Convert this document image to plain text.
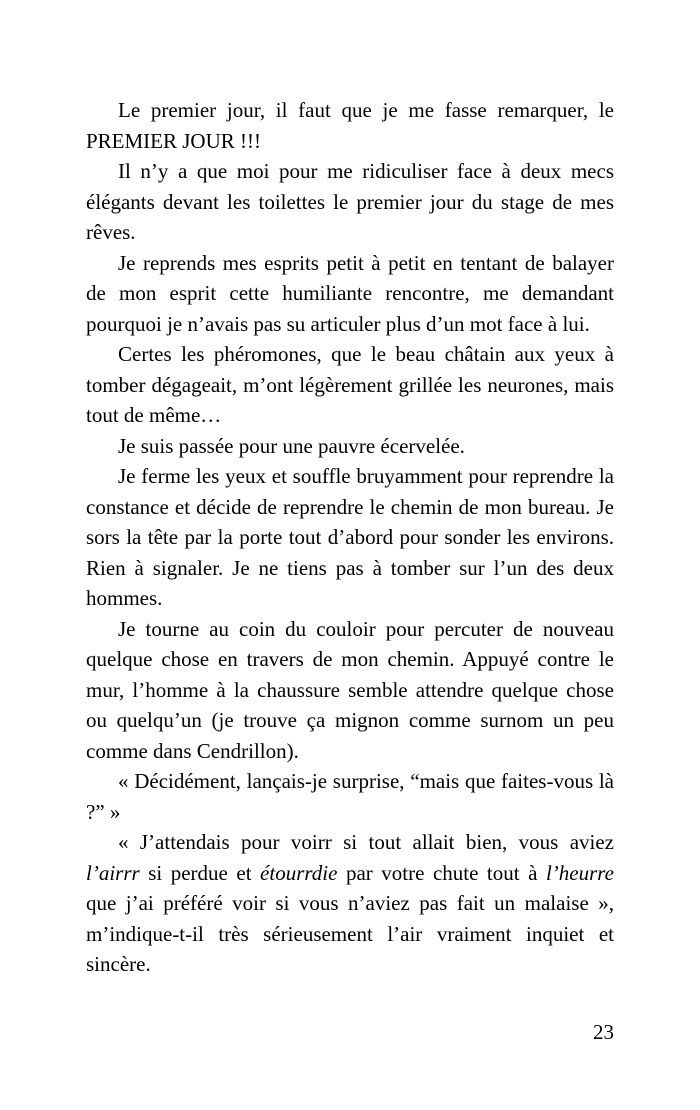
Le premier jour, il faut que je me fasse remarquer, le PREMIER JOUR !!!

Il n’y a que moi pour me ridiculiser face à deux mecs élégants devant les toilettes le premier jour du stage de mes rêves.

Je reprends mes esprits petit à petit en tentant de balayer de mon esprit cette humiliante rencontre, me demandant pourquoi je n’avais pas su articuler plus d’un mot face à lui.

Certes les phéromones, que le beau châtain aux yeux à tomber dégageait, m’ont légèrement grillée les neurones, mais tout de même…

Je suis passée pour une pauvre écervelée.

Je ferme les yeux et souffle bruyamment pour reprendre la constance et décide de reprendre le chemin de mon bureau. Je sors la tête par la porte tout d’abord pour sonder les environs. Rien à signaler. Je ne tiens pas à tomber sur l’un des deux hommes.

Je tourne au coin du couloir pour percuter de nouveau quelque chose en travers de mon chemin. Appuyé contre le mur, l’homme à la chaussure semble attendre quelque chose ou quelqu’un (je trouve ça mignon comme surnom un peu comme dans Cendrillon).

« Décidément, lançais-je surprise, “mais que faites-vous là ?” »

« J’attendais pour voirr si tout allait bien, vous aviez l’airrr si perdue et étourrdie par votre chute tout à l’heurre que j’ai préféré voir si vous n’aviez pas fait un malaise », m’indique-t-il très sérieusement l’air vraiment inquiet et sincère.

23
